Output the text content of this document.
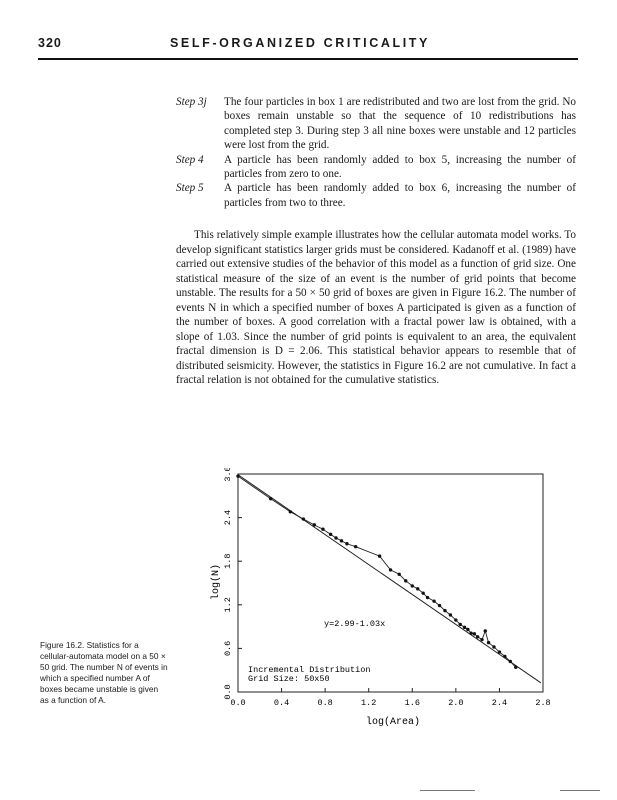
320	SELF-ORGANIZED CRITICALITY
Step 3j	The four particles in box 1 are redistributed and two are lost from the grid. No boxes remain unstable so that the sequence of 10 redistributions has completed step 3. During step 3 all nine boxes were unstable and 12 particles were lost from the grid.
Step 4	A particle has been randomly added to box 5, increasing the number of particles from zero to one.
Step 5	A particle has been randomly added to box 6, increasing the number of particles from two to three.

This relatively simple example illustrates how the cellular automata model works. To develop significant statistics larger grids must be considered. Kadanoff et al. (1989) have carried out extensive studies of the behavior of this model as a function of grid size. One statistical measure of the size of an event is the number of grid points that become unstable. The results for a 50 × 50 grid of boxes are given in Figure 16.2. The number of events N in which a specified number of boxes A participated is given as a function of the number of boxes. A good correlation with a fractal power law is obtained, with a slope of 1.03. Since the number of grid points is equivalent to an area, the equivalent fractal dimension is D = 2.06. This statistical behavior appears to resemble that of distributed seismicity. However, the statistics in Figure 16.2 are not cumulative. In fact a fractal relation is not obtained for the cumulative statistics.

Figure 16.2. Statistics for a cellular-automata model on a 50 × 50 grid. The number N of events in which a specified number A of boxes became unstable is given as a function of A.	0.0	0.4	0.8	1.2	1.6	2.0	2.4	2.8
0.0
0.6
1.2
1.8
2.4
3.0
y=2.99-1.03x
Incremental Distribution
Grid Size: 50x50
log(Area)
log(N)
